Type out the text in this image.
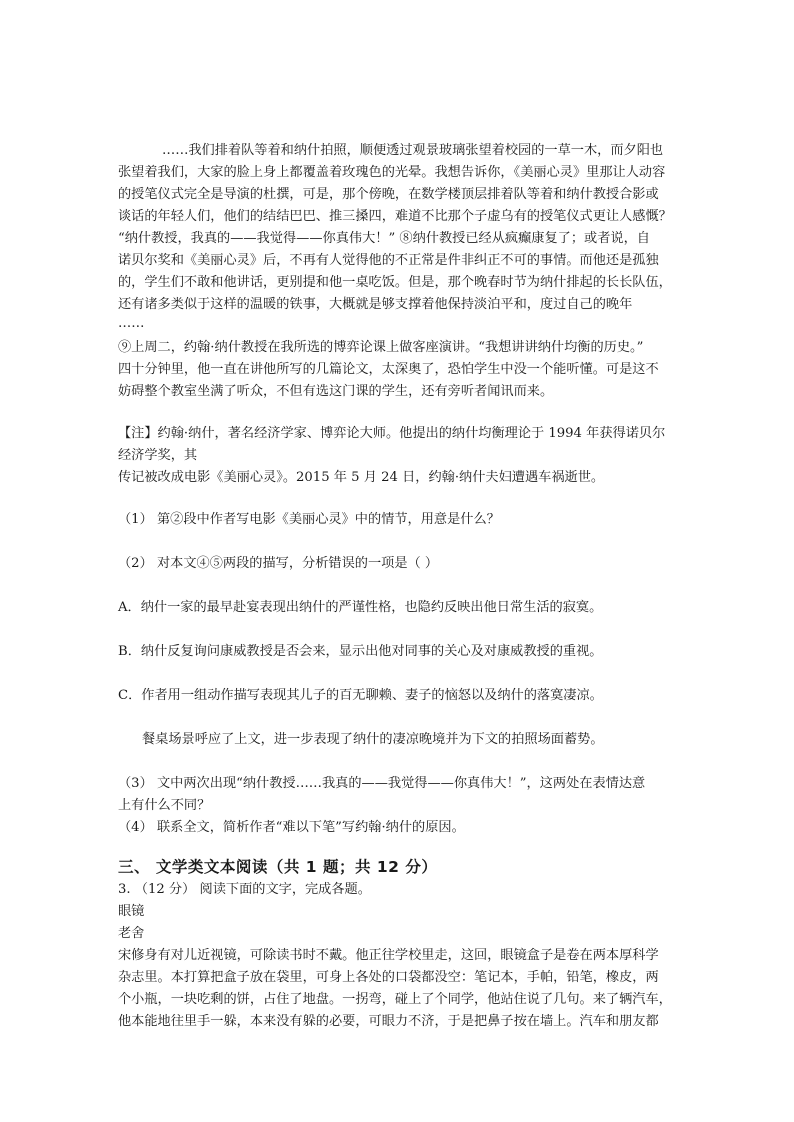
……我们排着队等着和纳什拍照，顺便透过观景玻璃张望着校园的一草一木，而夕阳也
张望着我们，大家的脸上身上都覆盖着玫瑰色的光晕。我想告诉你，《美丽心灵》里那让人动容
的授笔仪式完全是导演的杜撰，可是，那个傍晚，在数学楼顶层排着队等着和纳什教授合影或
谈话的年轻人们，他们的结结巴巴、推三搡四，难道不比那个子虚乌有的授笔仪式更让人感慨？
“纳什教授，我真的——我觉得——你真伟大！” ⑧纳什教授已经从疯癫康复了；或者说，自
诺贝尔奖和《美丽心灵》后，不再有人觉得他的不正常是件非纠正不可的事情。而他还是孤独
的，学生们不敢和他讲话，更别提和他一桌吃饭。但是，那个晚春时节为纳什排起的长长队伍，
还有诸多类似于这样的温暖的铁事，大概就是够支撑着他保持淡泊平和，度过自己的晚年
……
⑨上周二，约翰·纳什教授在我所选的博弈论课上做客座演讲。“我想讲讲纳什均衡的历史。”
四十分钟里，他一直在讲他所写的几篇论文，太深奥了，恐怕学生中没一个能听懂。可是这不
妨碍整个教室坐满了听众，不但有选这门课的学生，还有旁听者闻讯而来。
【注】约翰·纳什，著名经济学家、博弈论大师。他提出的纳什均衡理论于 1994 年获得诺贝尔
经济学奖，其
传记被改成电影《美丽心灵》。2015 年 5 月 24 日，约翰·纳什夫妇遭遇车祸逝世。
（1） 第②段中作者写电影《美丽心灵》中的情节，用意是什么？
（2） 对本文④⑤两段的描写，分析错误的一项是（ ）
A．纳什一家的最早赴宴表现出纳什的严谨性格，也隐约反映出他日常生活的寂寞。
B．纳什反复询问康威教授是否会来，显示出他对同事的关心及对康威教授的重视。
C．作者用一组动作描写表现其儿子的百无聊赖、妻子的恼怒以及纳什的落寞凄凉。
餐桌场景呼应了上文，进一步表现了纳什的凄凉晚境并为下文的拍照场面蓄势。
（3） 文中两次出现“纳什教授……我真的——我觉得——你真伟大！”，这两处在表情达意
上有什么不同？
（4） 联系全文，简析作者“难以下笔”写约翰·纳什的原因。
三、 文学类文本阅读（共 1 题；共 12 分）
3. （12 分） 阅读下面的文字，完成各题。
眼镜
老舍
宋修身有对儿近视镜，可除读书时不戴。他正往学校里走，这回，眼镜盒子是卷在两本厚科学
杂志里。本打算把盒子放在袋里，可身上各处的口袋都没空：笔记本，手帕，铅笔，橡皮，两
个小瓶，一块吃剩的饼，占住了地盘。一拐弯，碰上了个同学，他站住说了几句。来了辆汽车，
他本能地往里手一躲，本来没有躲的必要，可眼力不济，于是把鼻子按在墙上。汽车和朋友都
